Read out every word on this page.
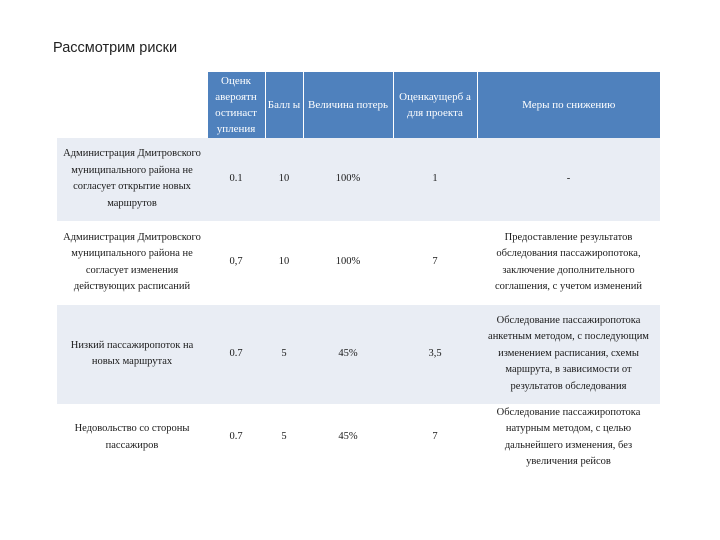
Рассмотрим риски
	Оценк авероятн остинаст упления	Балл ы	Величина потерь	Оценкаущерб а для проекта	Меры по снижению
Администрация Дмитровского муниципального района не согласует открытие новых маршрутов	0.1	10	100%	1	-
Администрация Дмитровского муниципального района не согласует изменения действующих расписаний	0,7	10	100%	7	Предоставление результатов обследования пассажиропотока, заключение дополнительного соглашения, с учетом изменений
Низкий пассажиропоток на новых маршрутах	0.7	5	45%	3,5	Обследование пассажиропотока анкетным методом, с последующим изменением расписания, схемы маршрута, в зависимости от результатов обследования
Недовольство со стороны пассажиров	0.7	5	45%	7	Обследование пассажиропотока натурным методом, с целью дальнейшего изменения, без увеличения рейсов
